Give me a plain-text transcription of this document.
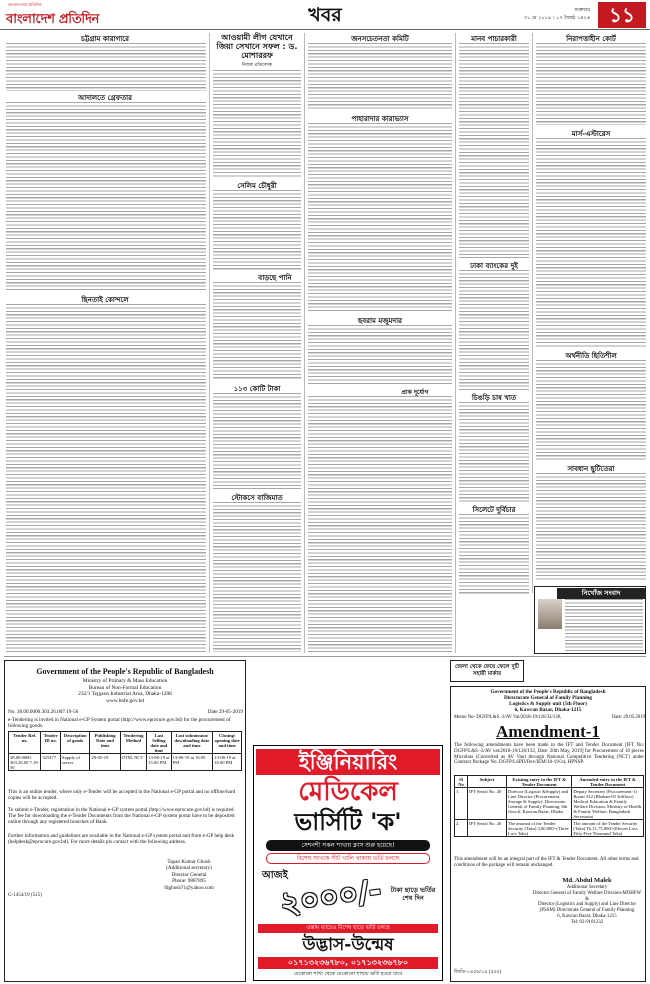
বাংলাদেশের প্রতিদিন
বাংলাদেশ প্রতিদিন	খবর	শুক্রবার
৩১ মে ২০১৯ । ১৭ জ্যৈষ্ঠ ১৪২৬ ১১
চট্টগ্রাম কারাগারে
আদালতে গ্রেফতার
ছিনতাই কোন্দলে
আওয়ামী লীগ যেখানে জিয়া সেখানে সফল : ড. মোশাররফ
নিজস্ব প্রতিবেদক
সেলিম চৌধুরী
বাড়ছে পানি
১১৩ কোটি টাকা
স্টোকসে বাজিমাত
জনসচেতনতা কমিটি
পাহারাদার কারাভ্যাস
ছবরাম মজুমদার
প্রাক দূর্যোগ
মানব পাচারকারী
ঢাকা ব্যাংকের দুই
চিঙড়ি চাষ খাত
সিলেটে দুর্বিচার
নিরাপত্তাহীন কোর্ট
মার্স-এস্টারেস
অর্থনীতি ছিতিশীল
সাবধান ছুটিতেরা
নিখোঁজ সংবাদ
Government of the People's Republic of Bangladesh
Ministry of Primary & Mass Education
Bureau of Non-Formal Education
232/1 Tejgaon Industrial Area, Dhaka-1208
www.bnfe.gov.bd
No. 38.00.0000.303.26.007.19-56	Date 29-05-2019
e-Tendering is invited in National e-GP System portal (http://www.eprocure.gov.bd) for the procurement of following goods.
Tender Ref. no.	Tender ID no.	Description of goods	Publishing Date and time	Tendering Method	Last Selling date and time	Last submission/ downloading date and time	Closing/ opening date and time
38.00.0000. 303.26.00 7.19-56	325477	Supply of server	29-05-19	OTM, NCT	13-06-19 at 15.00 PM	13-06-19 at 16.00 PM	13-06-19 at 16.00 PM
This is an online tender, where only e-Tender will be accepted in the National e-GP portal and no offline/hard copies will be accepted.
To submit e-Tender, registration in the National e-GP system portal (http://www.eprocure.gov.bd) is required. The fee for downloading the e-Tender Documents from the National e-GP system portal have to be deposited online through any registered branches of Bank.
Further information and guidelines are available in the National e-GP system portal and from e-GP help desk (helpdesk@eprocure.gov.bd). For more details pls contact with the following address.
Tapan Kumar Ghosh
(Additional secretary)
Director General
Phone: 9887895
fdghosh71@yahoo.com
G-1454/19 (5x5)
ইঞ্জিনিয়ারিং
মেডিকেল
ভার্সিটি 'ক'
সেশনশী সকল শাখায় ক্লাস শুরু হয়েছে!
বিশেষ সংখ্যক সীট খালি থাকায় ভর্তি চলছে
আজই
২০০০/-	টাকা ছাড়ে ভর্তির শেষ দিন
এক্সাম ব্যাচেও বিশেষ ছাড়ে ভর্তি চলছে
উদ্ভাস-উন্মেষ
০১৭১৩২৩৬৭৮০, ০১৭১৩২৩৬৭৮০
যেকোনো শাখা থেকে যেকোনো শাখায় ভর্তি হওয়া যাবে
জেলা থেকে ফেয়ে ফেলে দুটি সহায়ী মার্কার
Government of the People's Republic of Bangladesh
Directorate General of Family Planning
Logistics & Supply unit (5th Floor)
6, Kawran Bazar, Dhaka-1215
Memo No- DGFP/L&S -2/AV Vat/2018-19/126/32/138,	Date: 29.05.2019
Amendment-1
The following amendments have been made in the IFT and Tender Document [IFT No: DGFP/L&S -2/AV vat/2018-19/126/132, Date: 20th May, 2019] for Procurement of 10 pieces Microbus (Converted as AV Van) through National Competitive Tendering (NCT) under Contract Package No. DGFP/LSPD/Dev/IEM/18-19/34, HPNSP.
Sl No	Subject	Existing entry in the IFT & Tender Document	Amended entry in the IFT & Tender Document
1.	IFT Serial No. 20	Director (Logistic &Supply) and Line Director (Procurement, Storage & Supply), Directorate General of Family Planning, 6th floor,6, Kawran Bazar, Dhaka	Deputy Secretary (Procurement-1) Room-312 (Bhaban-03 3rdfloor) Medical Education & Family Welfare Division, Ministry of Health & Family Welfare, Bangladesh Secretariat
2.	IFT Serial No. 26	The amount of the Tender Security (Taka) 3,00,000/-(Three Lacs Taka)	The amount of the Tender Security (Taka) Tk.11,75,000/-(Eleven Lacs Fifty Five Thousand Taka)
This amendment will be an integral part of the IFT & Tender Document. All other terms and conditions of the package will remain unchanged.
Md. Abdul Malek
Additional Secretary
Director General of Family Welfare Division-MOHFW
&
Director (Logistics and Supply) and Line Director (PSSM) Directorate General of Family Planning
6, Kawran Bazar, Dhaka-1215
Tel: 02-9101232
জিডি-১৪৫৬/১৯ (৫x৫)
